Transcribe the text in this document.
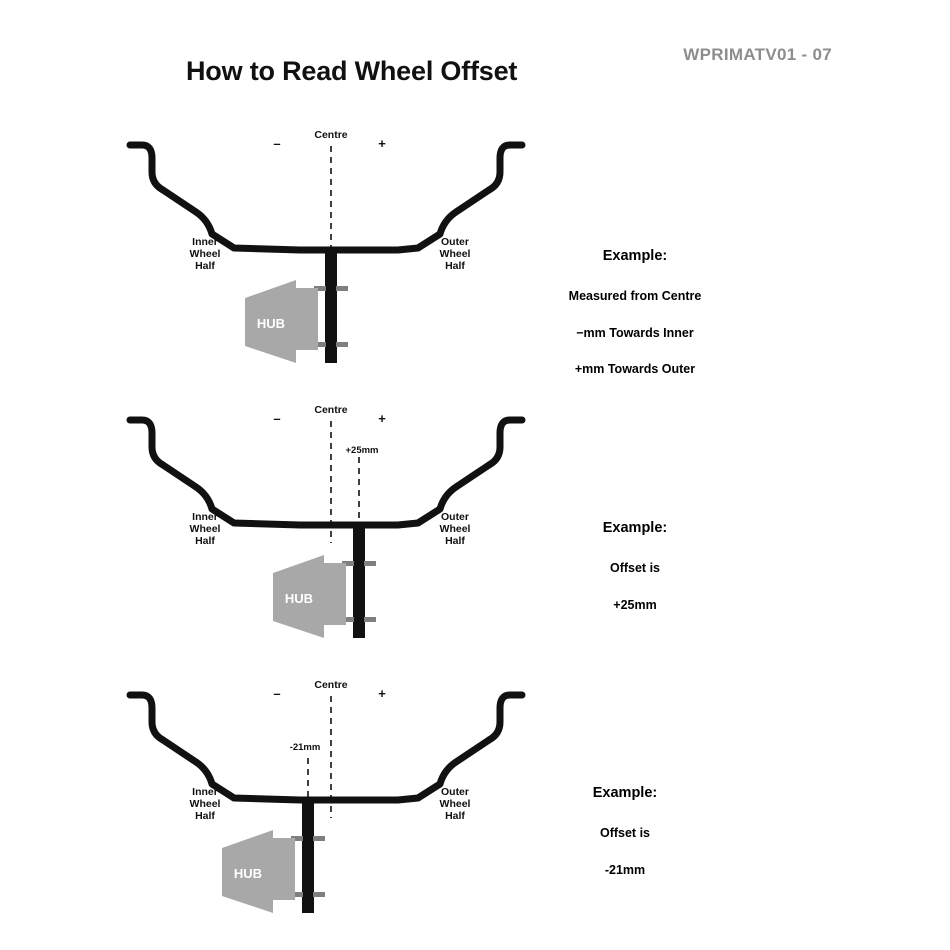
How to Read Wheel Offset
WPRIMATV01 - 07
HUB
Centre
–	+
Inner
Wheel
Half
Outer
Wheel
Half

Example:

Measured from Centre

−mm Towards Inner

+mm Towards Outer

+25mm
HUB
Centre
–	+
Inner
Wheel
Half
Outer
Wheel
Half

Example:

Offset is

+25mm

-21mm
HUB
Centre
–	+
Inner
Wheel
Half
Outer
Wheel
Half

Example:

Offset is

-21mm
